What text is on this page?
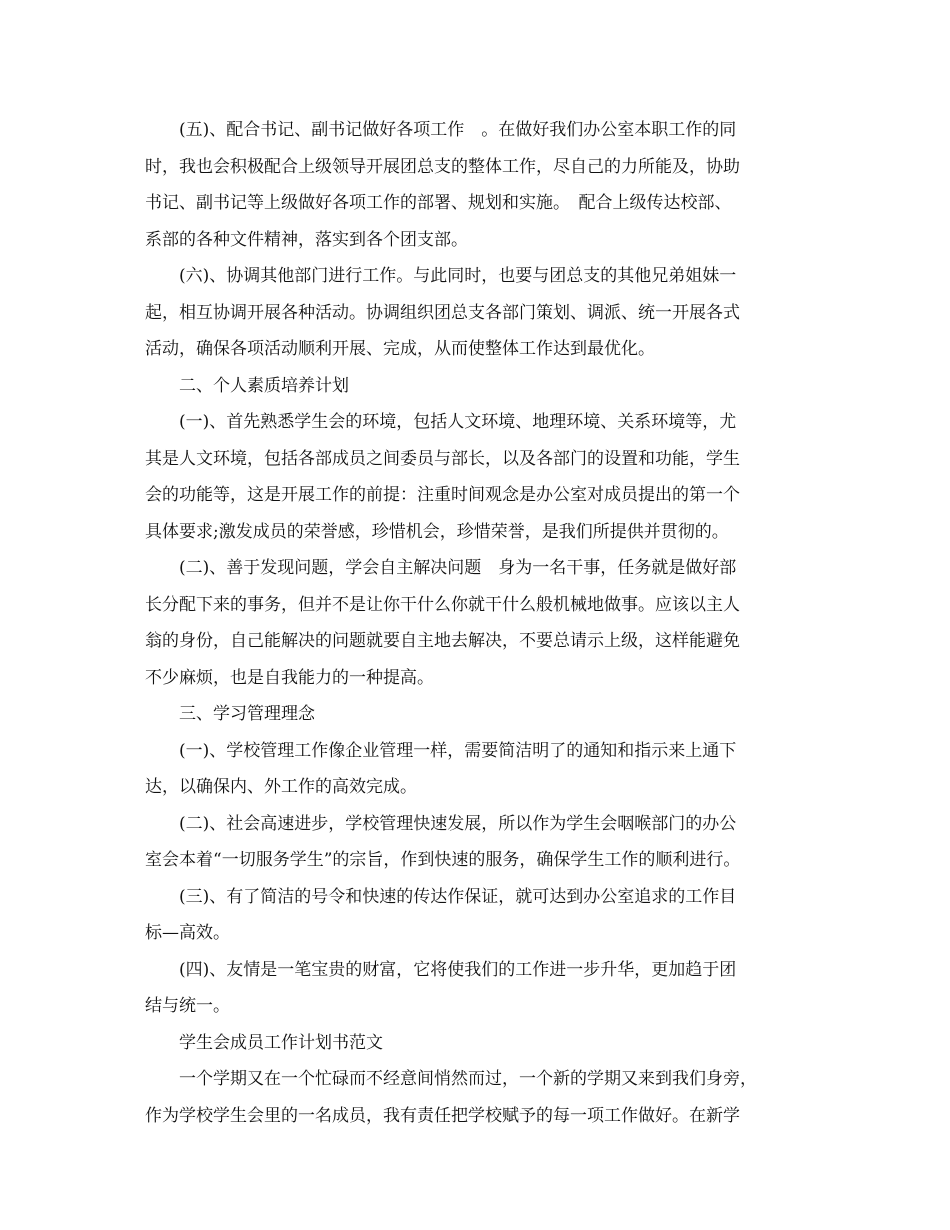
　　(五)、配合书记、副书记做好各项工作　。在做好我们办公室本职工作的同
时，我也会积极配合上级领导开展团总支的整体工作，尽自己的力所能及，协助
书记、副书记等上级做好各项工作的部署、规划和实施。　配合上级传达校部、
系部的各种文件精神，落实到各个团支部。
　　(六)、协调其他部门进行工作。与此同时，也要与团总支的其他兄弟姐妹一
起，相互协调开展各种活动。协调组织团总支各部门策划、调派、统一开展各式
活动，确保各项活动顺利开展、完成，从而使整体工作达到最优化。
　　二、个人素质培养计划
　　(一)、首先熟悉学生会的环境，包括人文环境、地理环境、关系环境等，尤
其是人文环境，包括各部成员之间委员与部长，以及各部门的设置和功能，学生
会的功能等，这是开展工作的前提：注重时间观念是办公室对成员提出的第一个
具体要求;激发成员的荣誉感，珍惜机会，珍惜荣誉，是我们所提供并贯彻的。
　　(二)、善于发现问题，学会自主解决问题　身为一名干事，任务就是做好部
长分配下来的事务，但并不是让你干什么你就干什么般机械地做事。应该以主人
翁的身份，自己能解决的问题就要自主地去解决，不要总请示上级，这样能避免
不少麻烦，也是自我能力的一种提高。
　　三、学习管理理念
　　(一)、学校管理工作像企业管理一样，需要简洁明了的通知和指示来上通下
达，以确保内、外工作的高效完成。
　　(二)、社会高速进步，学校管理快速发展，所以作为学生会咽喉部门的办公
室会本着“一切服务学生”的宗旨，作到快速的服务，确保学生工作的顺利进行。
　　(三)、有了简洁的号令和快速的传达作保证，就可达到办公室追求的工作目
标—高效。
　　(四)、友情是一笔宝贵的财富，它将使我们的工作进一步升华，更加趋于团
结与统一。
　　学生会成员工作计划书范文
　　一个学期又在一个忙碌而不经意间悄然而过，一个新的学期又来到我们身旁，
作为学校学生会里的一名成员，我有责任把学校赋予的每一项工作做好。在新学
